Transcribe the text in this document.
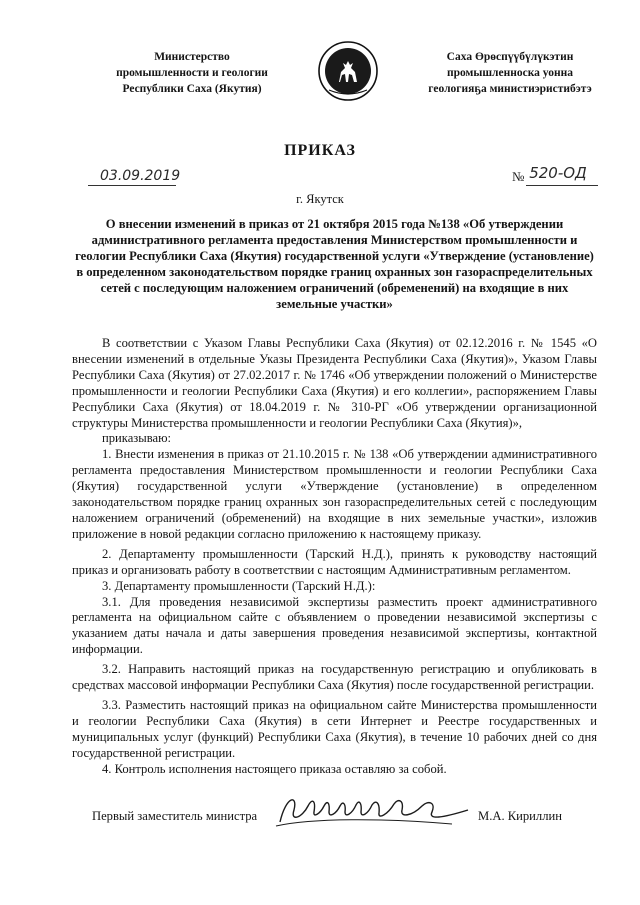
Министерство
промышленности и геологии
Республики Саха (Якутия)
Саха Өрөспүүбүлүкэтин
промышленноска уонна
геологияҕа министиэристибэтэ
ПРИКАЗ
03.09.2019	№ 520-ОД
г. Якутск
О внесении изменений в приказ от 21 октября 2015 года №138 «Об утверждении административного регламента предоставления Министерством промышленности и геологии Республики Саха (Якутия) государственной услуги «Утверждение (установление) в определенном законодательством порядке границ охранных зон газораспределительных сетей с последующим наложением ограничений (обременений) на входящие в них земельные участки»

В соответствии с Указом Главы Республики Саха (Якутия) от 02.12.2016 г. № 1545 «О внесении изменений в отдельные Указы Президента Республики Саха (Якутия)», Указом Главы Республики Саха (Якутия) от 27.02.2017 г. № 1746 «Об утверждении положений о Министерстве промышленности и геологии Республики Саха (Якутия) и его коллегии», распоряжением Главы Республики Саха (Якутия) от 18.04.2019 г. № 310-РГ «Об утверждении организационной структуры Министерства промышленности и геологии Республики Саха (Якутия)»,

приказываю:

1. Внести изменения в приказ от 21.10.2015 г. № 138 «Об утверждении административного регламента предоставления Министерством промышленности и геологии Республики Саха (Якутия) государственной услуги «Утверждение (установление) в определенном законодательством порядке границ охранных зон газораспределительных сетей с последующим наложением ограничений (обременений) на входящие в них земельные участки», изложив приложение в новой редакции согласно приложению к настоящему приказу.

2. Департаменту промышленности (Тарский Н.Д.), принять к руководству настоящий приказ и организовать работу в соответствии с настоящим Административным регламентом.

3. Департаменту промышленности (Тарский Н.Д.):

3.1. Для проведения независимой экспертизы разместить проект административного регламента на официальном сайте с объявлением о проведении независимой экспертизы с указанием даты начала и даты завершения проведения независимой экспертизы, контактной информации.

3.2. Направить настоящий приказ на государственную регистрацию и опубликовать в средствах массовой информации Республики Саха (Якутия) после государственной регистрации.

3.3. Разместить настоящий приказ на официальном сайте Министерства промышленности и геологии Республики Саха (Якутия) в сети Интернет и Реестре государственных и муниципальных услуг (функций) Республики Саха (Якутия), в течение 10 рабочих дней со дня государственной регистрации.

4. Контроль исполнения настоящего приказа оставляю за собой.

Первый заместитель министра	М.А. Кириллин
